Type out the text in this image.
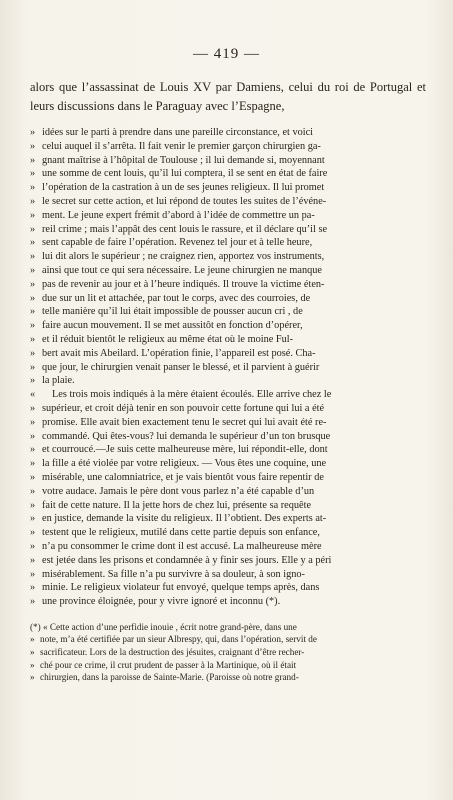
— 419 —

alors que l’assassinat de Louis XV par Damiens, celui du roi de Portugal et leurs discussions dans le Paraguay avec l’Espagne,

» idées sur le parti à prendre dans une pareille circonstance, et voici

» celui auquel il s’arrêta. Il fait venir le premier garçon chirurgien ga-

» gnant maîtrise à l’hôpital de Toulouse ; il lui demande si, moyennant

» une somme de cent louis, qu’il lui comptera, il se sent en état de faire

» l’opération de la castration à un de ses jeunes religieux. Il lui promet

» le secret sur cette action, et lui répond de toutes les suites de l’événe-

» ment. Le jeune expert frémit d’abord à l’idée de commettre un pa-

» reil crime ; mais l’appât des cent louis le rassure, et il déclare qu’il se

» sent capable de faire l’opération. Revenez tel jour et à telle heure,

» lui dit alors le supérieur ; ne craignez rien, apportez vos instruments,

» ainsi que tout ce qui sera nécessaire. Le jeune chirurgien ne manque

» pas de revenir au jour et à l’heure indiqués. Il trouve la victime éten-

» due sur un lit et attachée, par tout le corps, avec des courroies, de

» telle manière qu’il lui était impossible de pousser aucun cri , de

» faire aucun mouvement. Il se met aussitôt en fonction d’opérer,

» et il réduit bientôt le religieux au même état où le moine Ful-

» bert avait mis Abeilard. L’opération finie, l’appareil est posé. Cha-

» que jour, le chirurgien venait panser le blessé, et il parvient à guérir

» la plaie.

« Les trois mois indiqués à la mère étaient écoulés. Elle arrive chez le

» supérieur, et croit déjà tenir en son pouvoir cette fortune qui lui a été

» promise. Elle avait bien exactement tenu le secret qui lui avait été re-

» commandé. Qui êtes-vous? lui demanda le supérieur d’un ton brusque

» et courroucé.—Je suis cette malheureuse mère, lui répondit-elle, dont

» la fille a été violée par votre religieux. — Vous êtes une coquine, une

» misérable, une calomniatrice, et je vais bientôt vous faire repentir de

» votre audace. Jamais le père dont vous parlez n’a été capable d’un

» fait de cette nature. Il la jette hors de chez lui, présente sa requête

» en justice, demande la visite du religieux. Il l’obtient. Des experts at-

» testent que le religieux, mutilé dans cette partie depuis son enfance,

» n’a pu consommer le crime dont il est accusé. La malheureuse mère

» est jetée dans les prisons et condamnée à y finir ses jours. Elle y a péri

» misérablement. Sa fille n’a pu survivre à sa douleur, à son igno-

» minie. Le religieux violateur fut envoyé, quelque temps après, dans

» une province éloignée, pour y vivre ignoré et inconnu (*).

(*) « Cette action d’une perfidie inouie , écrit notre grand-père, dans une

» note, m’a été certifiée par un sieur Albrespy, qui, dans l’opération, servit de

» sacrificateur. Lors de la destruction des jésuites, craignant d’être recher-

» ché pour ce crime, il crut prudent de passer à la Martinique, où il était

» chirurgien, dans la paroisse de Sainte-Marie. (Paroisse où notre grand-
